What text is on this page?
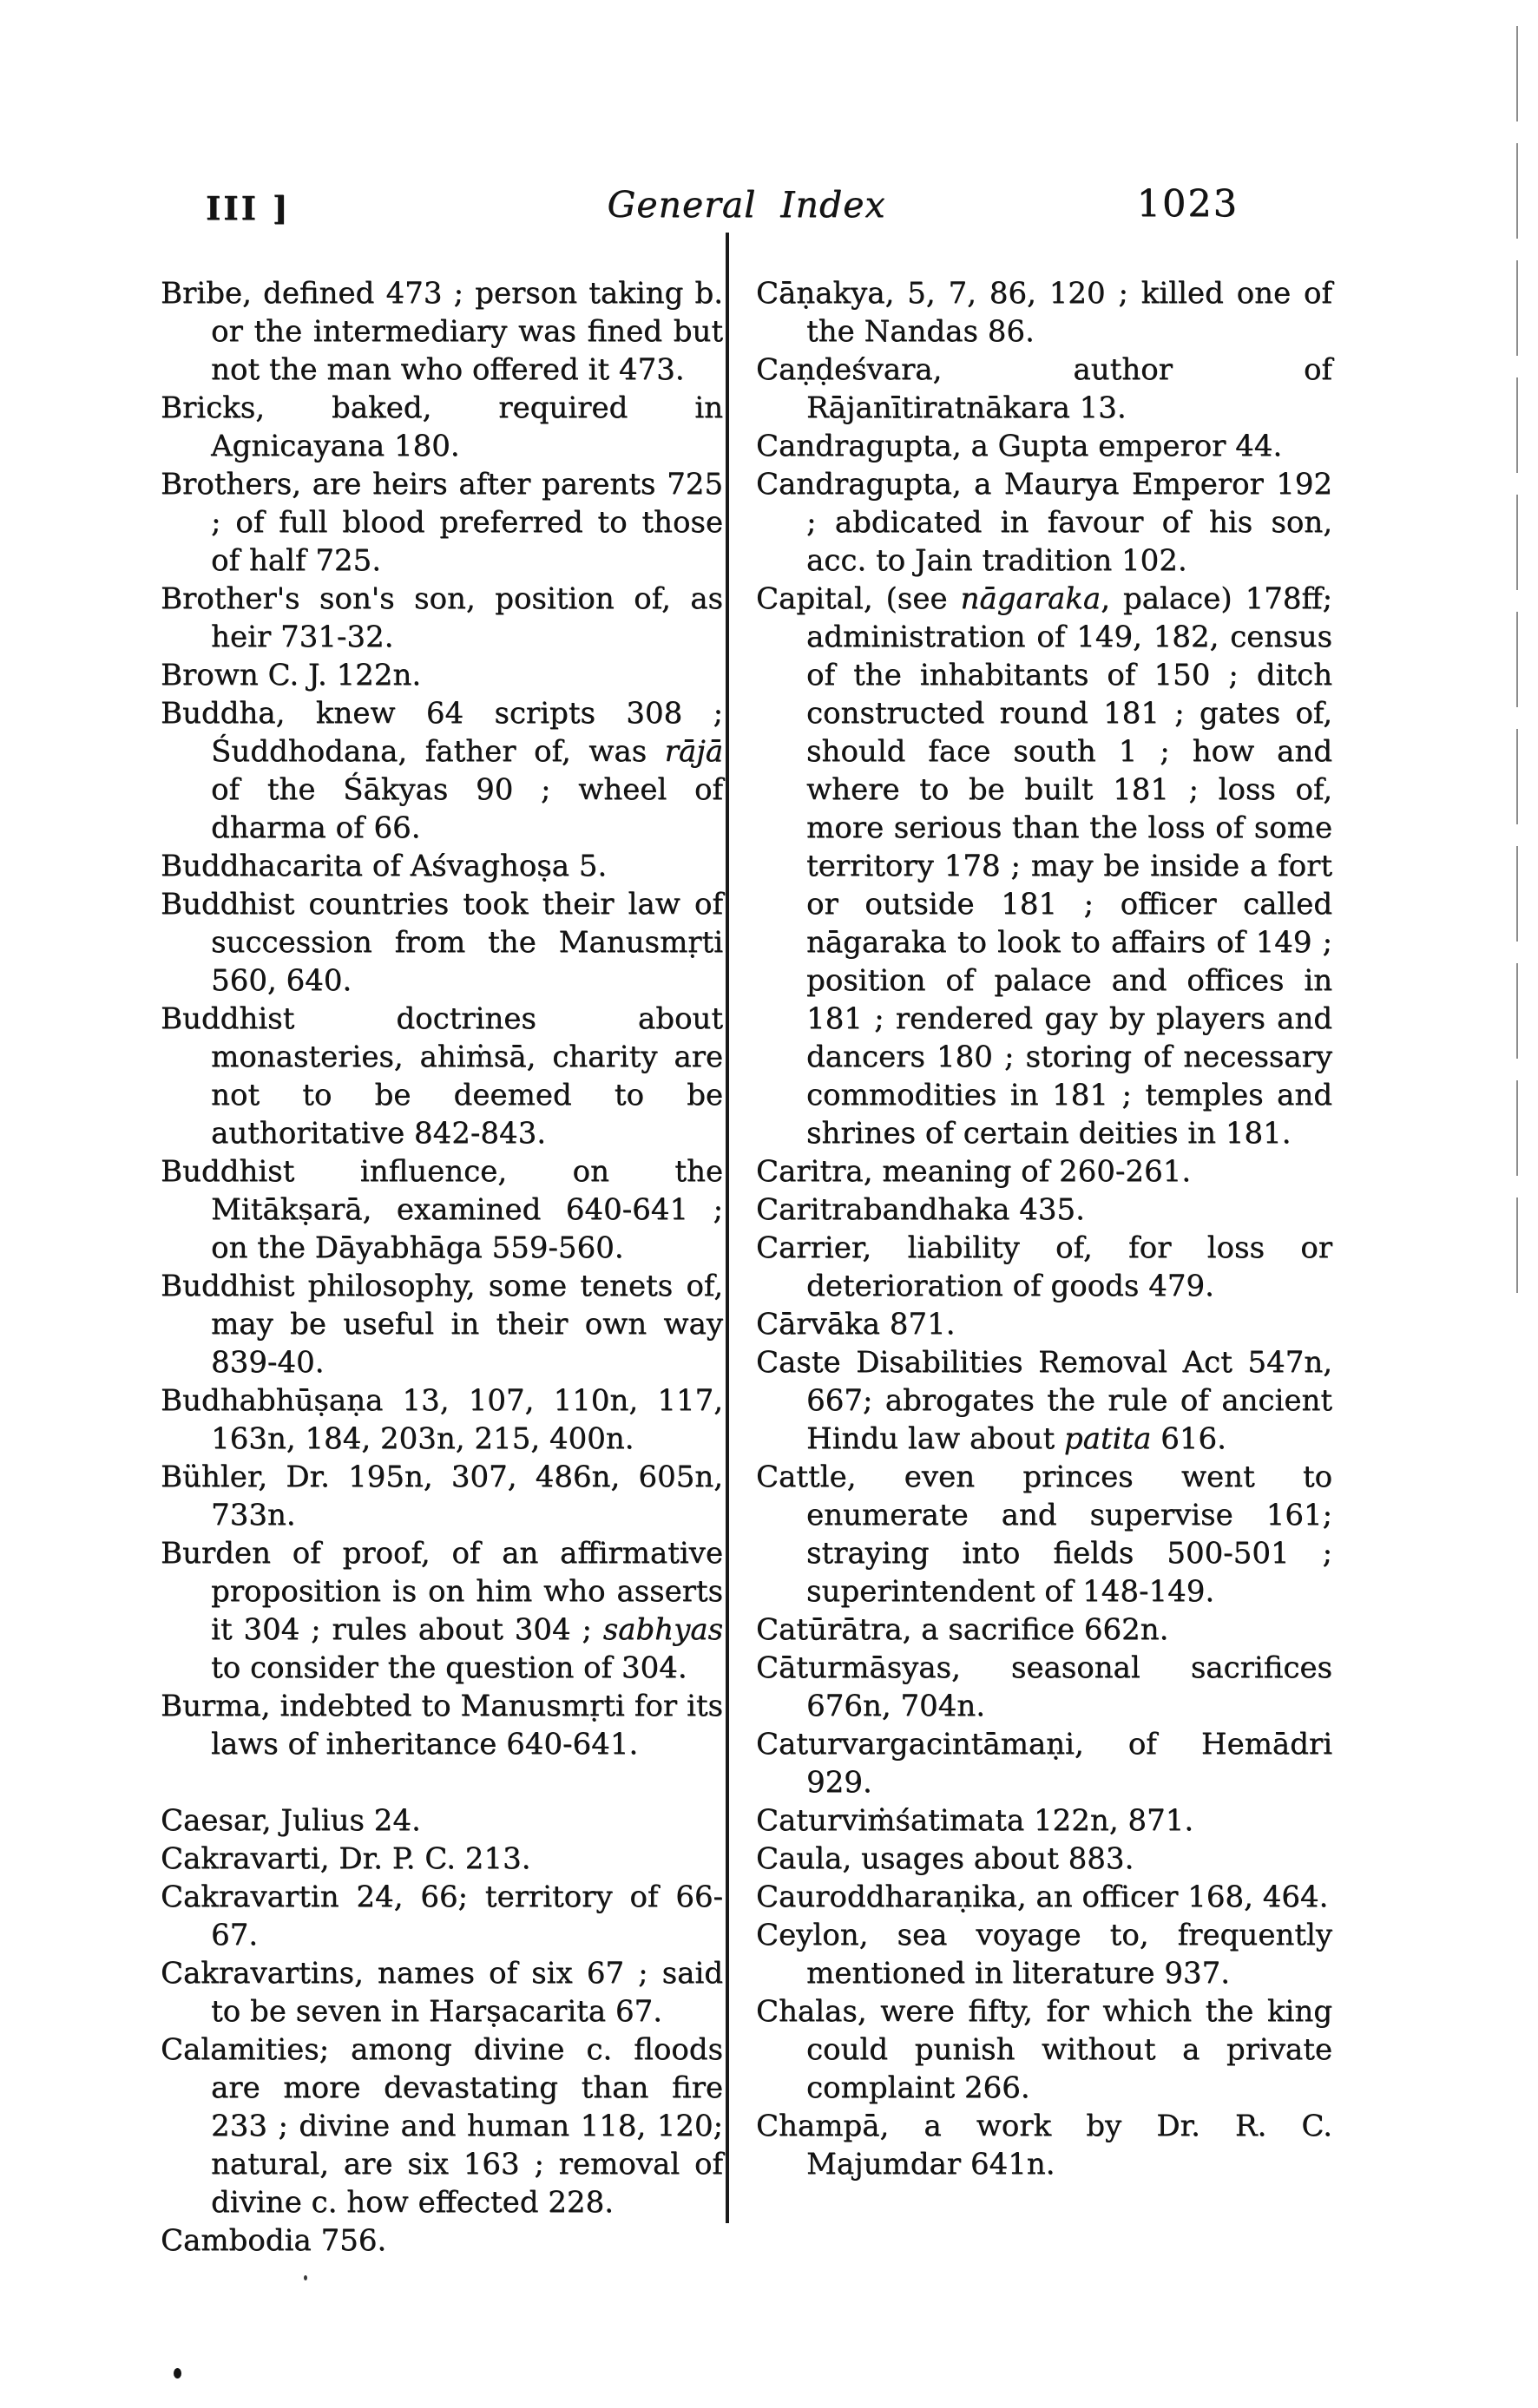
III ]	General Index	1023

Bribe, defined 473 ; person taking b. or the intermediary was fined but not the man who offered it 473.

Bricks, baked, required in Agnicayana 180.

Brothers, are heirs after parents 725 ; of full blood preferred to those of half 725.

Brother's son's son, position of, as heir 731-32.

Brown C. J. 122n.

Buddha, knew 64 scripts 308 ; Śuddhodana, father of, was rājā of the Śākyas 90 ; wheel of dharma of 66.

Buddhacarita of Aśvaghoṣa 5.

Buddhist countries took their law of succession from the Manusmṛti 560, 640.

Buddhist doctrines about monasteries, ahiṁsā, charity are not to be deemed to be authoritative 842-843.

Buddhist influence, on the Mitākṣarā, examined 640-641 ; on the Dāyabhāga 559-560.

Buddhist philosophy, some tenets of, may be useful in their own way 839-40.

Budhabhūṣaṇa 13, 107, 110n, 117, 163n, 184, 203n, 215, 400n.

Bühler, Dr. 195n, 307, 486n, 605n, 733n.

Burden of proof, of an affirmative proposition is on him who asserts it 304 ; rules about 304 ; sabhyas to consider the question of 304.

Burma, indebted to Manusmṛti for its laws of inheritance 640-641.

Caesar, Julius 24.

Cakravarti, Dr. P. C. 213.

Cakravartin 24, 66; territory of 66-67.

Cakravartins, names of six 67 ; said to be seven in Harṣacarita 67.

Calamities; among divine c. floods are more devastating than fire 233 ; divine and human 118, 120; natural, are six 163 ; removal of divine c. how effected 228.

Cambodia 756.

Cāṇakya, 5, 7, 86, 120 ; killed one of the Nandas 86.

Caṇḍeśvara, author of Rājanītiratnākara 13.

Candragupta, a Gupta emperor 44.

Candragupta, a Maurya Emperor 192 ; abdicated in favour of his son, acc. to Jain tradition 102.

Capital, (see nāgaraka, palace) 178ff; administration of 149, 182, census of the inhabitants of 150 ; ditch constructed round 181 ; gates of, should face south 1 ; how and where to be built 181 ; loss of, more serious than the loss of some territory 178 ; may be inside a fort or outside 181 ; officer called nāgaraka to look to affairs of 149 ; position of palace and offices in 181 ; rendered gay by players and dancers 180 ; storing of necessary commodities in 181 ; temples and shrines of certain deities in 181.

Caritra, meaning of 260-261.

Caritrabandhaka 435.

Carrier, liability of, for loss or deterioration of goods 479.

Cārvāka 871.

Caste Disabilities Removal Act 547n, 667; abrogates the rule of ancient Hindu law about patita 616.

Cattle, even princes went to enumerate and supervise 161; straying into fields 500-501 ; superintendent of 148-149.

Catūrātra, a sacrifice 662n.

Cāturmāsyas, seasonal sacrifices 676n, 704n.

Caturvargacintāmaṇi, of Hemādri 929.

Caturviṁśatimata 122n, 871.

Caula, usages about 883.

Cauroddharaṇika, an officer 168, 464.

Ceylon, sea voyage to, frequently mentioned in literature 937.

Chalas, were fifty, for which the king could punish without a private complaint 266.

Champā, a work by Dr. R. C. Majumdar 641n.
